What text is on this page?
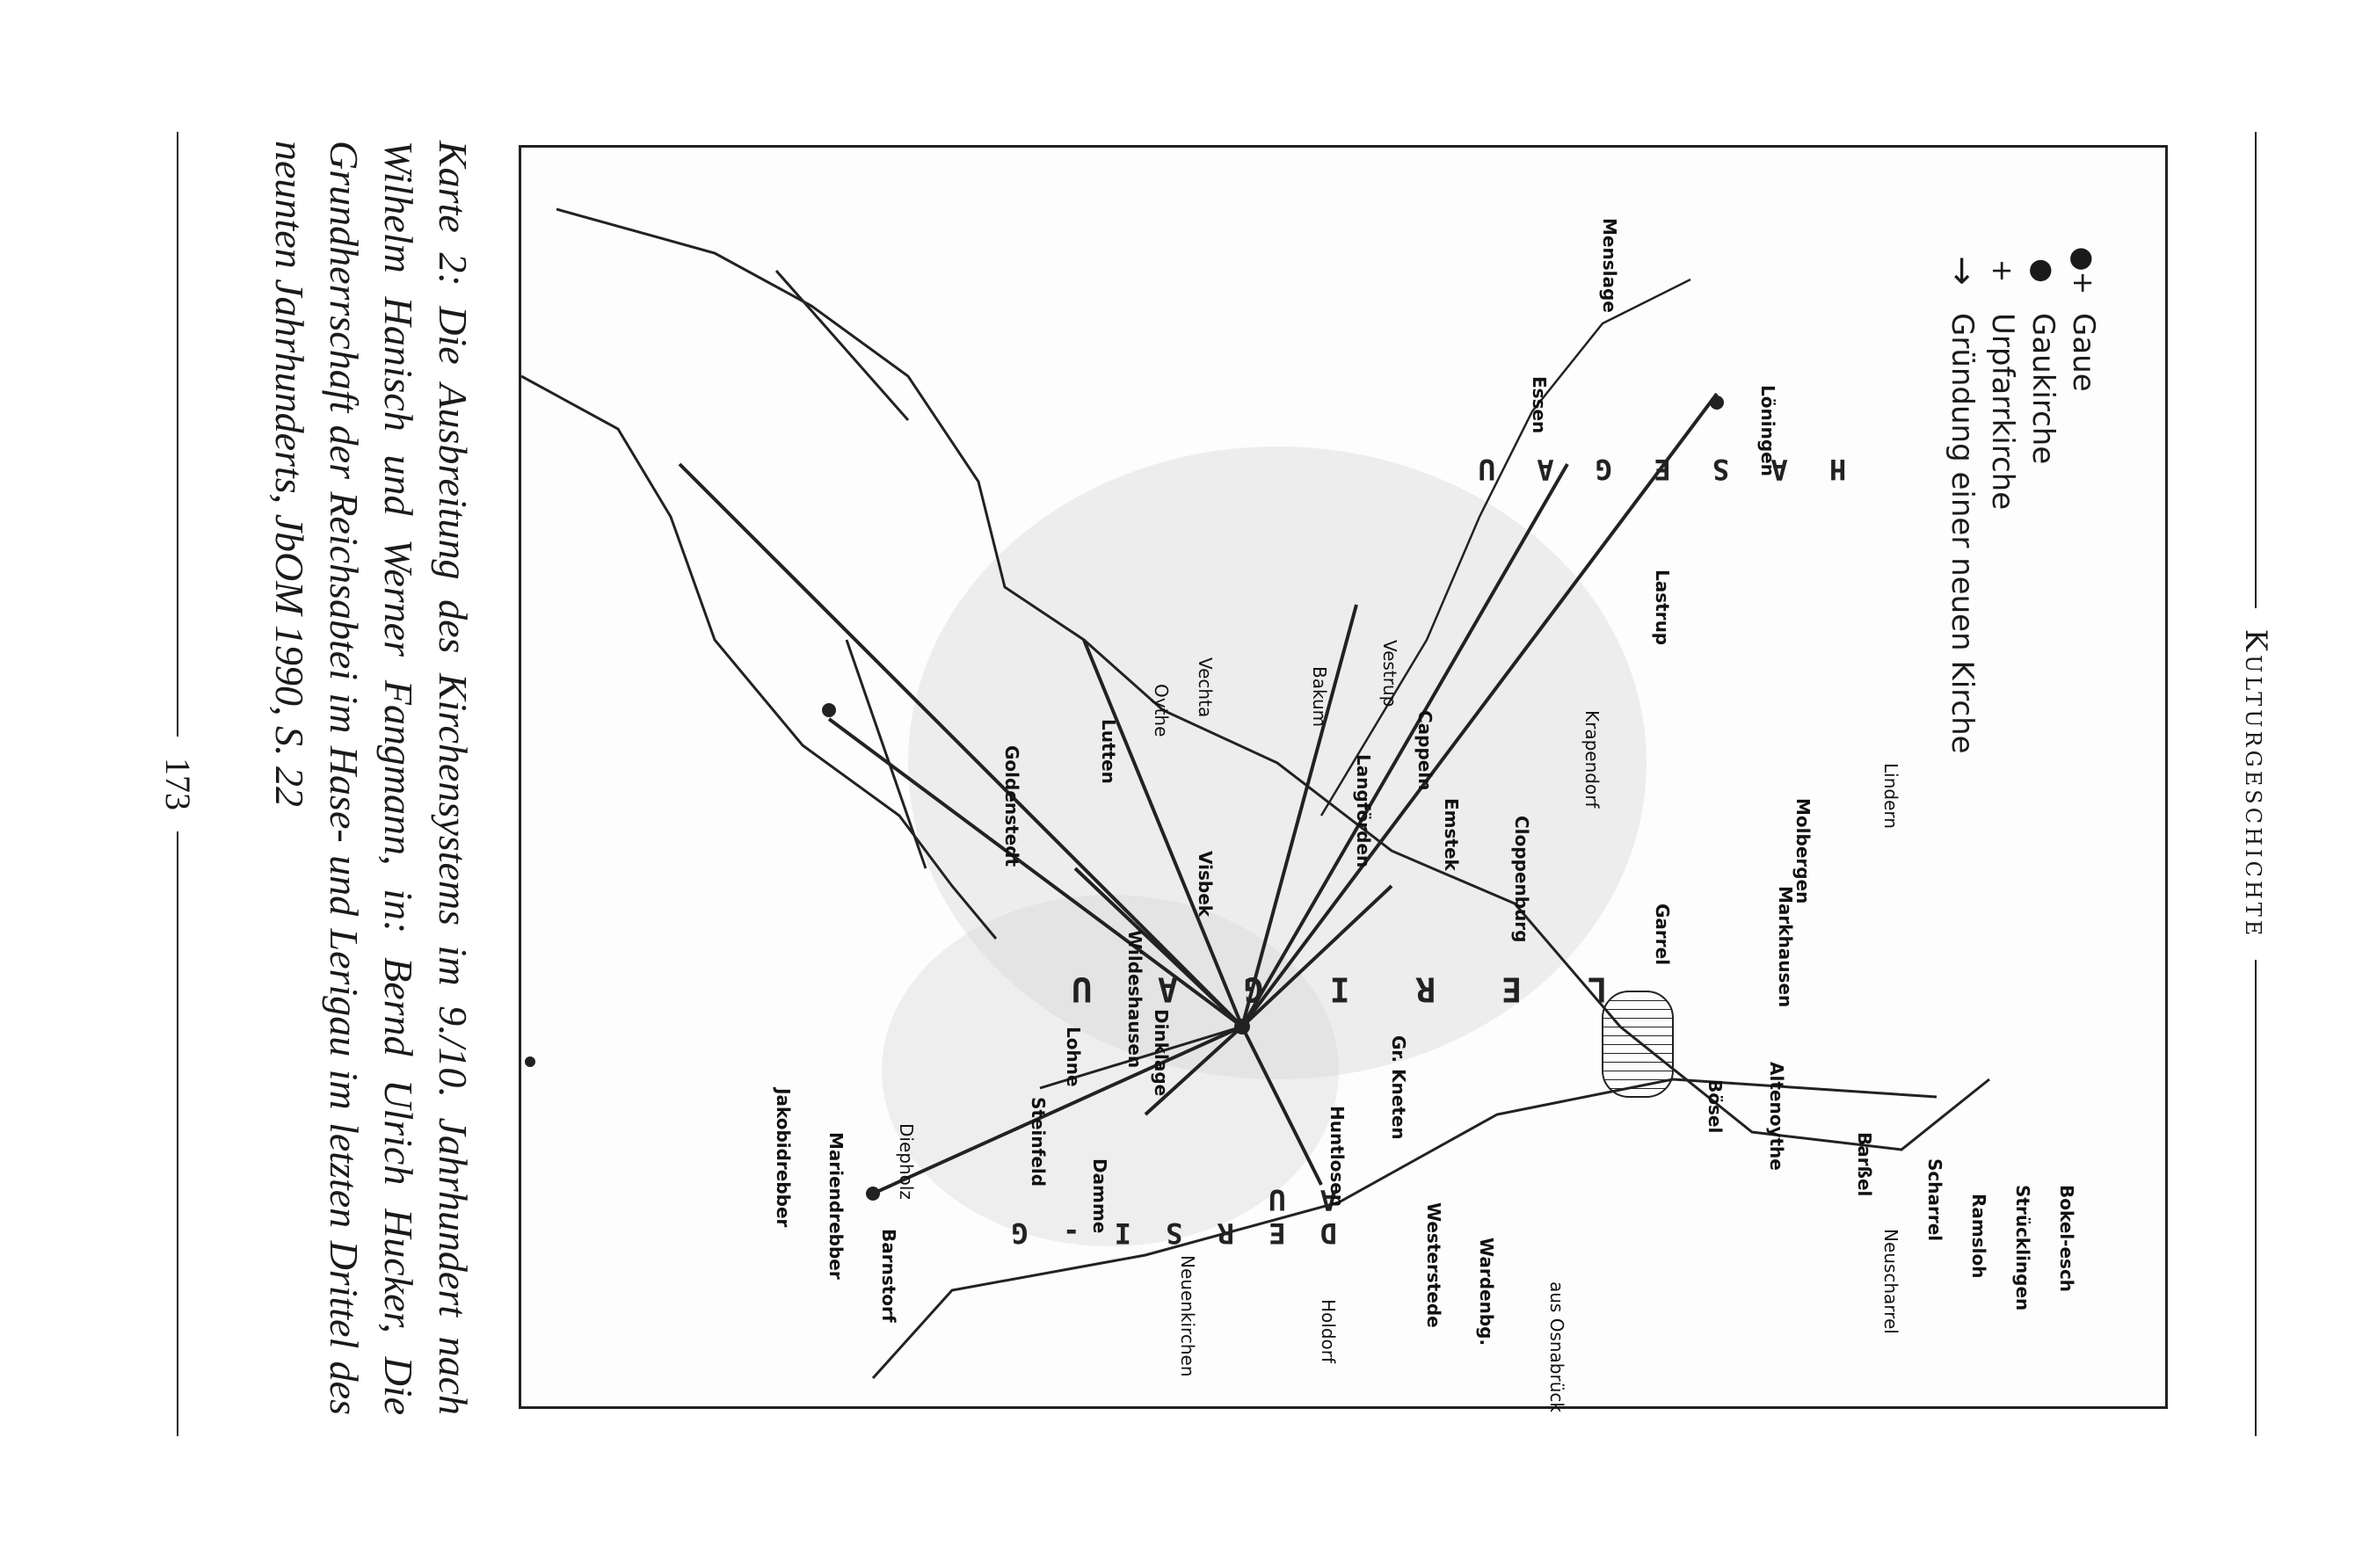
Kulturgeschichte
●+
Gaue
●
Gaukirche
+
Urpfarrkirche
→
Gründung einer neuen Kirche
L E R I G A U
H A S E G A U
D E R S I - G A U	Bokel-esch
Strücklingen
Ramsloh
Barßel	Scharrel
Neuscharrel
Altenoythe
Bösel
Garrel	Markhausen
Molbergen
Lindern
Löningen
Lastrup
Essen
Menslage
Krapendorf
Cloppenburg
Emstek
Cappeln
Vestrup
Bakum
Langförden
Vechta
Oythe
Lutten
Visbek
Goldenstedt
Wildeshausen
Gr. Kneten
Huntlosen
Westerstede Wardenbg.
Holdorf
Neuenkirchen
Damme
Steinfeld
Lohne	Dinklage
Diepholz
Jakobidrebber Mariendrebber Barnstorf
aus Osnabrück
Karte 2: Die Ausbreitung des Kirchensystems im 9./10. Jahrhundert nach Wilhelm Hanisch und Werner Fangmann, in: Bernd Ulrich Hucker, Die Grundherrschaft der Reichsabtei im Hase- und Lerigau im letzten Drittel des neunten Jahrhunderts, JbOM 1990, S. 22
173
